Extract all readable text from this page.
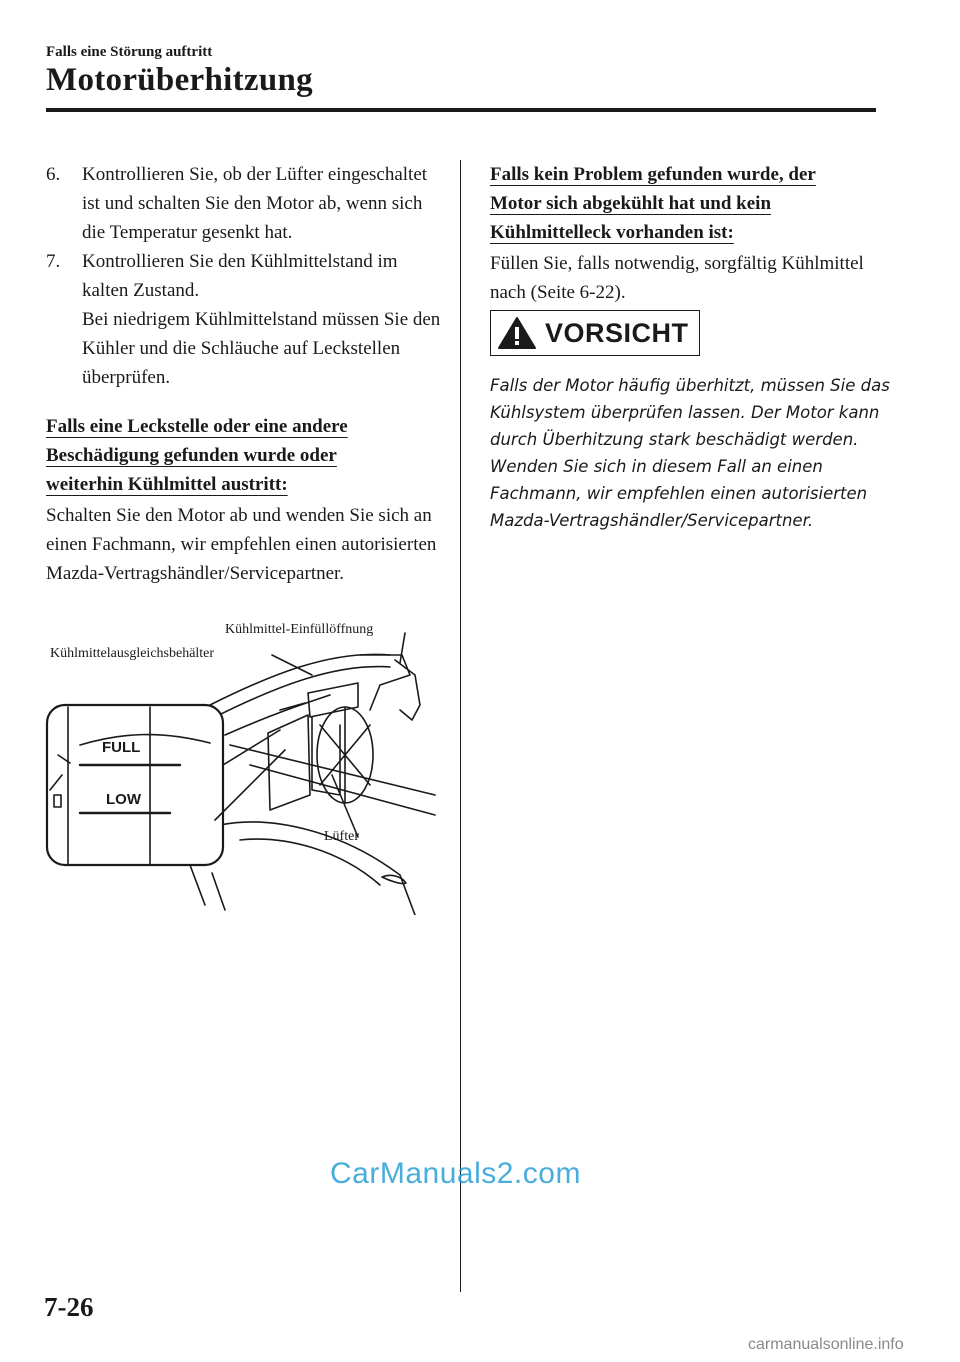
Falls eine Störung auftritt
Motorüberhitzung
6.	Kontrollieren Sie, ob der Lüfter eingeschaltet ist und schalten Sie den Motor ab, wenn sich die Temperatur gesenkt hat.
7.	Kontrollieren Sie den Kühlmittelstand im kalten Zustand.
Bei niedrigem Kühlmittelstand müssen Sie den Kühler und die Schläuche auf Leckstellen überprüfen.
Falls eine Leckstelle oder eine andere
Beschädigung gefunden wurde oder
weiterhin Kühlmittel austritt:
Schalten Sie den Motor ab und wenden Sie sich an einen Fachmann, wir empfehlen einen autorisierten Mazda-Vertragshändler/Servicepartner.
Kühlmittel-Einfüllöffnung
Kühlmittelausgleichsbehälter
Lüfter
FULL
LOW
Falls kein Problem gefunden wurde, der
Motor sich abgekühlt hat und kein
Kühlmittelleck vorhanden ist:
Füllen Sie, falls notwendig, sorgfältig Kühlmittel nach (Seite 6-22).
VORSICHT
Falls der Motor häufig überhitzt, müssen Sie das Kühlsystem überprüfen lassen. Der Motor kann durch Überhitzung stark beschädigt werden. Wenden Sie sich in diesem Fall an einen Fachmann, wir empfehlen einen autorisierten Mazda-Vertragshändler/Servicepartner.
CarManuals2.com
7-26
carmanualsonline.info
